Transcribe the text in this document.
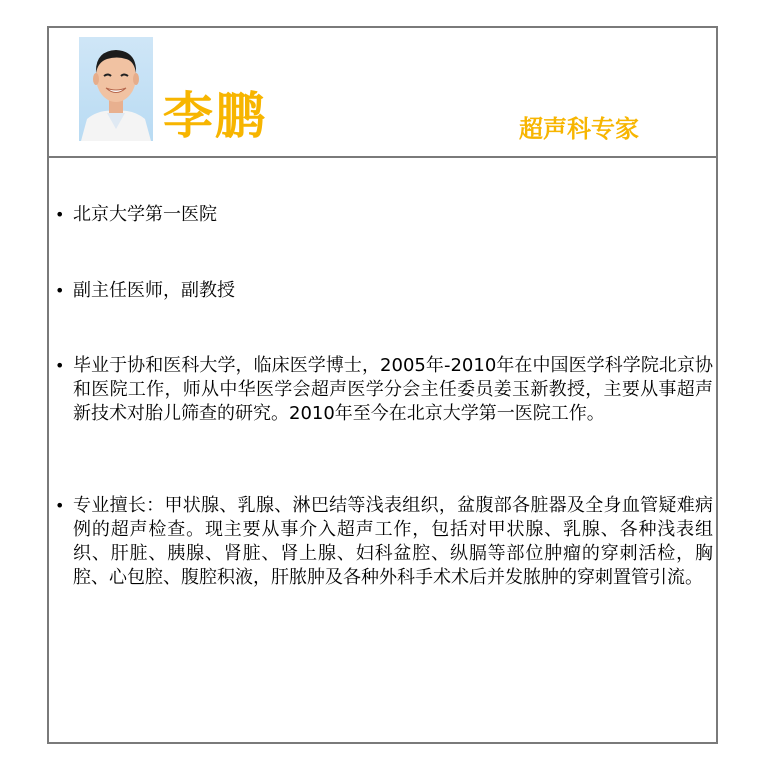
李鹏	超声科专家
• 北京大学第一医院
• 副主任医师，副教授
• 毕业于协和医科大学，临床医学博士，2005年-2010年在中国医学科学院北京协和医院工作，师从中华医学会超声医学分会主任委员姜玉新教授，主要从事超声新技术对胎儿筛查的研究。2010年至今在北京大学第一医院工作。
• 专业擅长：甲状腺、乳腺、淋巴结等浅表组织，盆腹部各脏器及全身血管疑难病例的超声检查。现主要从事介入超声工作，包括对甲状腺、乳腺、各种浅表组织、肝脏、胰腺、肾脏、肾上腺、妇科盆腔、纵膈等部位肿瘤的穿刺活检，胸腔、心包腔、腹腔积液，肝脓肿及各种外科手术术后并发脓肿的穿刺置管引流。
